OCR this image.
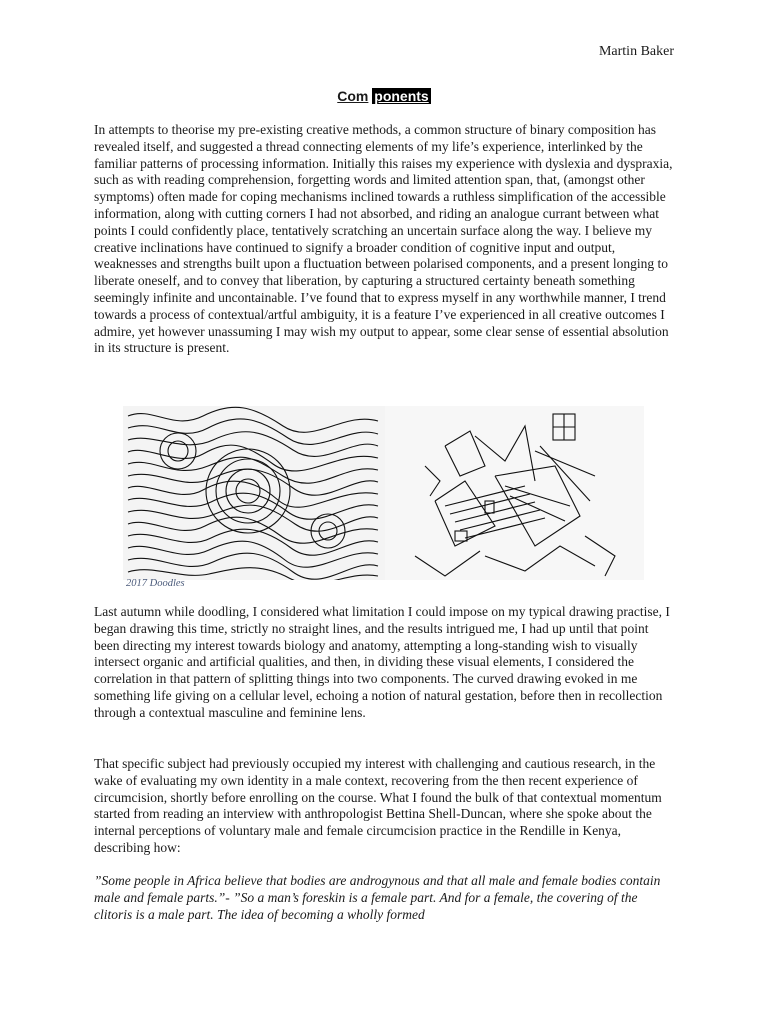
Martin Baker
Com ponents

In attempts to theorise my pre-existing creative methods, a common structure of binary composition has revealed itself, and suggested a thread connecting elements of my life’s experience, interlinked by the familiar patterns of processing information. Initially this raises my experience with dyslexia and dyspraxia, such as with reading comprehension, forgetting words and limited attention span, that, (amongst other symptoms) often made for coping mechanisms inclined towards a ruthless simplification of the accessible information, along with cutting corners I had not absorbed, and riding an analogue currant between what points I could confidently place, tentatively scratching an uncertain surface along the way. I believe my creative inclinations have continued to signify a broader condition of cognitive input and output, weaknesses and strengths built upon a fluctuation between polarised components, and a present longing to liberate oneself, and to convey that liberation, by capturing a structured certainty beneath something seemingly infinite and uncontainable. I’ve found that to express myself in any worthwhile manner, I trend towards a process of contextual/artful ambiguity, it is a feature I’ve experienced in all creative outcomes I admire, yet however unassuming I may wish my output to appear, some clear sense of essential absolution in its structure is present.

2017 Doodles

Last autumn while doodling, I considered what limitation I could impose on my typical drawing practise, I began drawing this time, strictly no straight lines, and the results intrigued me, I had up until that point been directing my interest towards biology and anatomy, attempting a long-standing wish to visually intersect organic and artificial qualities, and then, in dividing these visual elements, I considered the correlation in that pattern of splitting things into two components. The curved drawing evoked in me something life giving on a cellular level, echoing a notion of natural gestation, before then in recollection through a contextual masculine and feminine lens.

That specific subject had previously occupied my interest with challenging and cautious research, in the wake of evaluating my own identity in a male context, recovering from the then recent experience of circumcision, shortly before enrolling on the course. What I found the bulk of that contextual momentum started from reading an interview with anthropologist Bettina Shell-Duncan, where she spoke about the internal perceptions of voluntary male and female circumcision practice in the Rendille in Kenya, describing how:

”Some people in Africa believe that bodies are androgynous and that all male and female bodies contain male and female parts.”- ”So a man’s foreskin is a female part. And for a female, the covering of the clitoris is a male part. The idea of becoming a wholly formed
